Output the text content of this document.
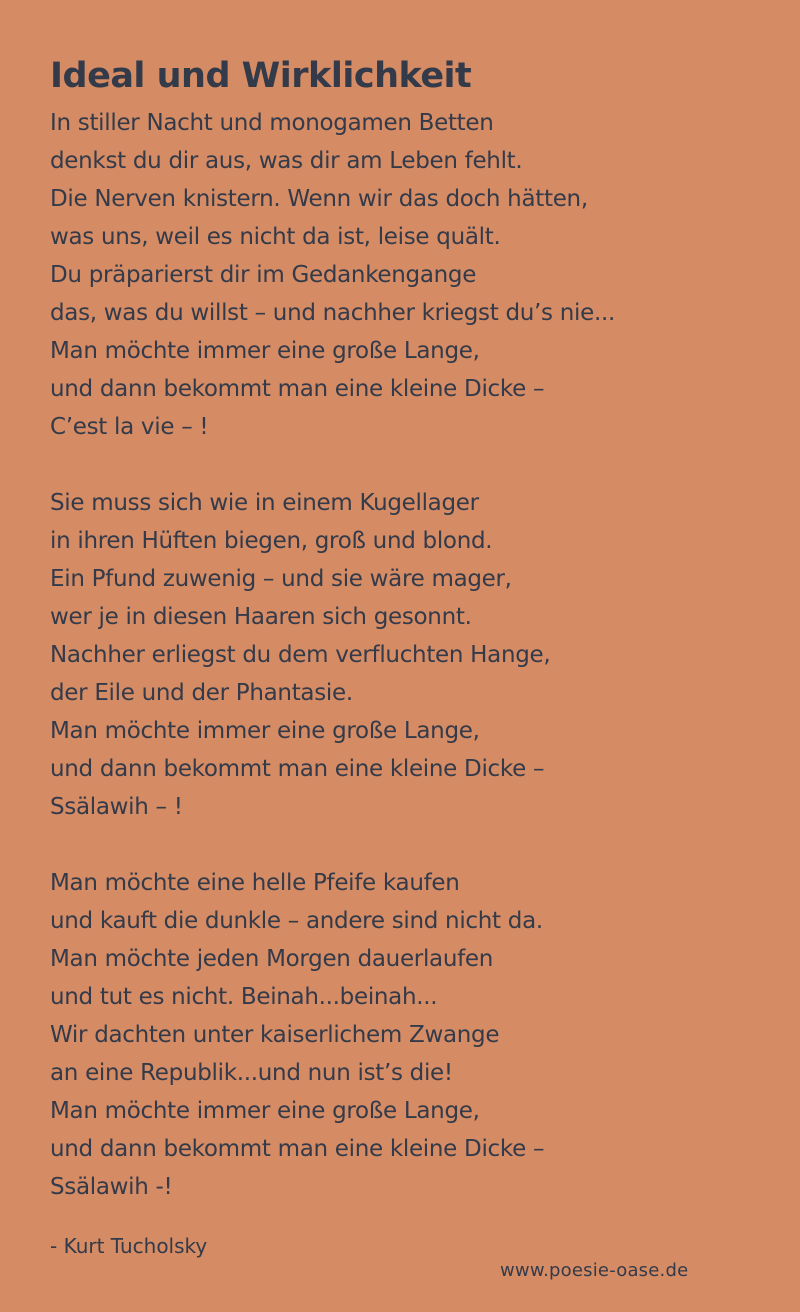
Ideal und Wirklichkeit
In stiller Nacht und monogamen Betten
denkst du dir aus, was dir am Leben fehlt.
Die Nerven knistern. Wenn wir das doch hätten,
was uns, weil es nicht da ist, leise quält.
Du präparierst dir im Gedankengange
das, was du willst – und nachher kriegst du’s nie...
Man möchte immer eine große Lange,
und dann bekommt man eine kleine Dicke –
C’est la vie – !
Sie muss sich wie in einem Kugellager
in ihren Hüften biegen, groß und blond.
Ein Pfund zuwenig – und sie wäre mager,
wer je in diesen Haaren sich gesonnt.
Nachher erliegst du dem verfluchten Hange,
der Eile und der Phantasie.
Man möchte immer eine große Lange,
und dann bekommt man eine kleine Dicke –
Ssälawih – !
Man möchte eine helle Pfeife kaufen
und kauft die dunkle – andere sind nicht da.
Man möchte jeden Morgen dauerlaufen
und tut es nicht. Beinah...beinah...
Wir dachten unter kaiserlichem Zwange
an eine Republik...und nun ist’s die!
Man möchte immer eine große Lange,
und dann bekommt man eine kleine Dicke –
Ssälawih -!
- Kurt Tucholsky
www.poesie-oase.de
